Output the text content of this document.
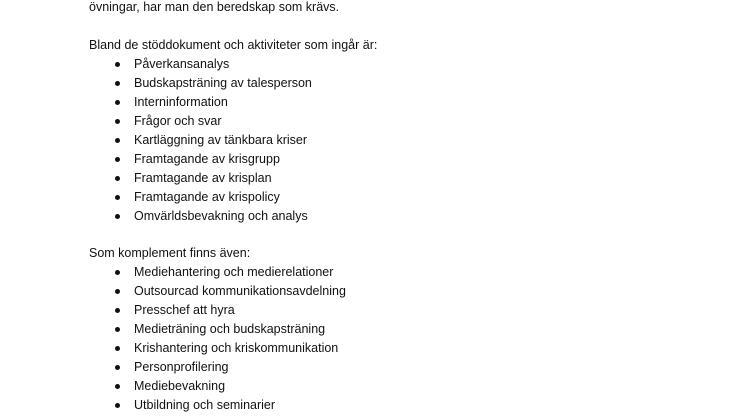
övningar, har man den beredskap som krävs.

Bland de stöddokument och aktiviteter som ingår är:

Påverkansanalys
Budskapsträning av talesperson
Interninformation
Frågor och svar
Kartläggning av tänkbara kriser
Framtagande av krisgrupp
Framtagande av krisplan
Framtagande av krispolicy
Omvärldsbevakning och analys

Som komplement finns även:

Mediehantering och medierelationer
Outsourcad kommunikationsavdelning
Presschef att hyra
Medieträning och budskapsträning
Krishantering och kriskommunikation
Personprofilering
Mediebevakning
Utbildning och seminarier
